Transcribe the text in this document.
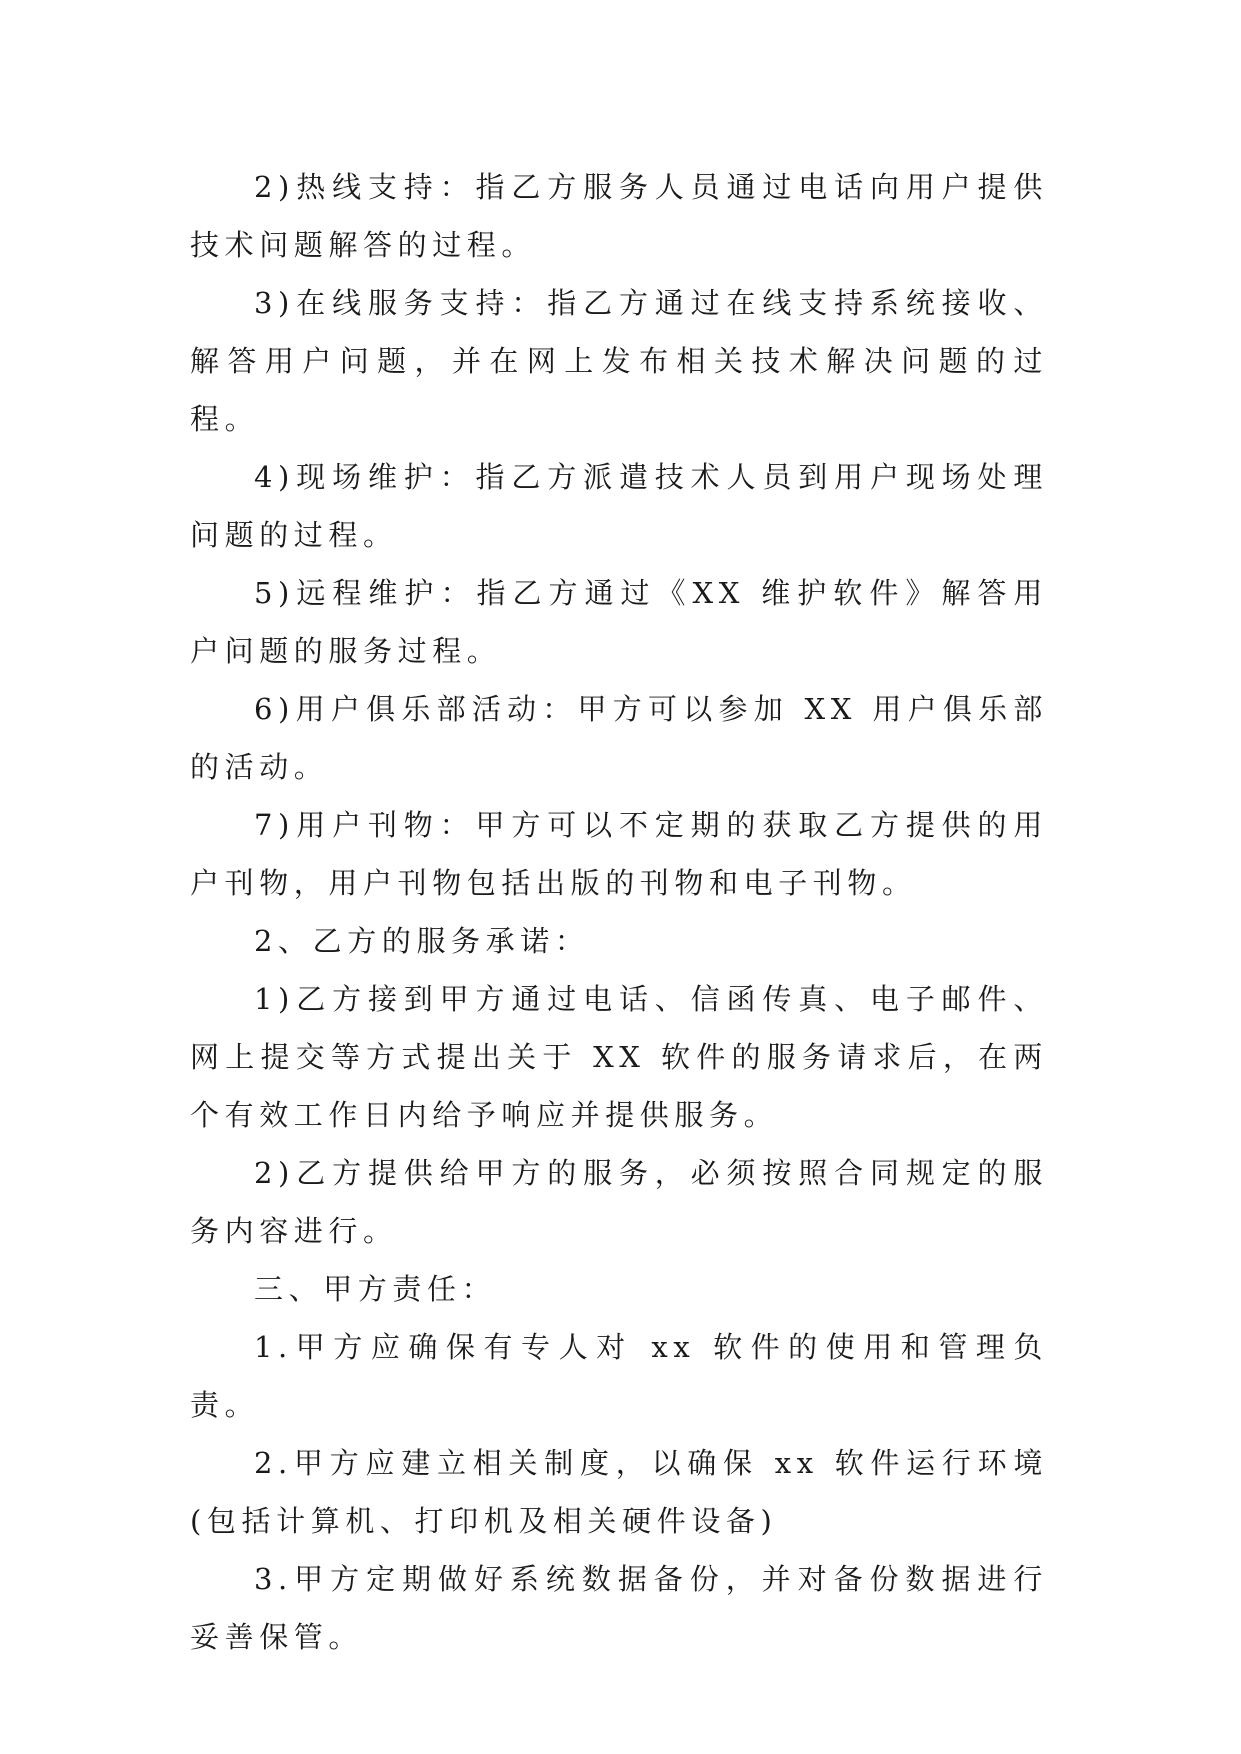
2)热线支持：指乙方服务人员通过电话向用户提供技术问题解答的过程。

3)在线服务支持：指乙方通过在线支持系统接收、解答用户问题，并在网上发布相关技术解决问题的过程。

4)现场维护：指乙方派遣技术人员到用户现场处理问题的过程。

5)远程维护：指乙方通过《XX 维护软件》解答用户问题的服务过程。

6)用户俱乐部活动：甲方可以参加 XX 用户俱乐部的活动。

7)用户刊物：甲方可以不定期的获取乙方提供的用户刊物，用户刊物包括出版的刊物和电子刊物。

2、乙方的服务承诺：

1)乙方接到甲方通过电话、信函传真、电子邮件、网上提交等方式提出关于 XX 软件的服务请求后，在两个有效工作日内给予响应并提供服务。

2)乙方提供给甲方的服务，必须按照合同规定的服务内容进行。

三、甲方责任：

1.甲方应确保有专人对 xx 软件的使用和管理负责。

2.甲方应建立相关制度，以确保 xx 软件运行环境(包括计算机、打印机及相关硬件设备)

3.甲方定期做好系统数据备份，并对备份数据进行妥善保管。
